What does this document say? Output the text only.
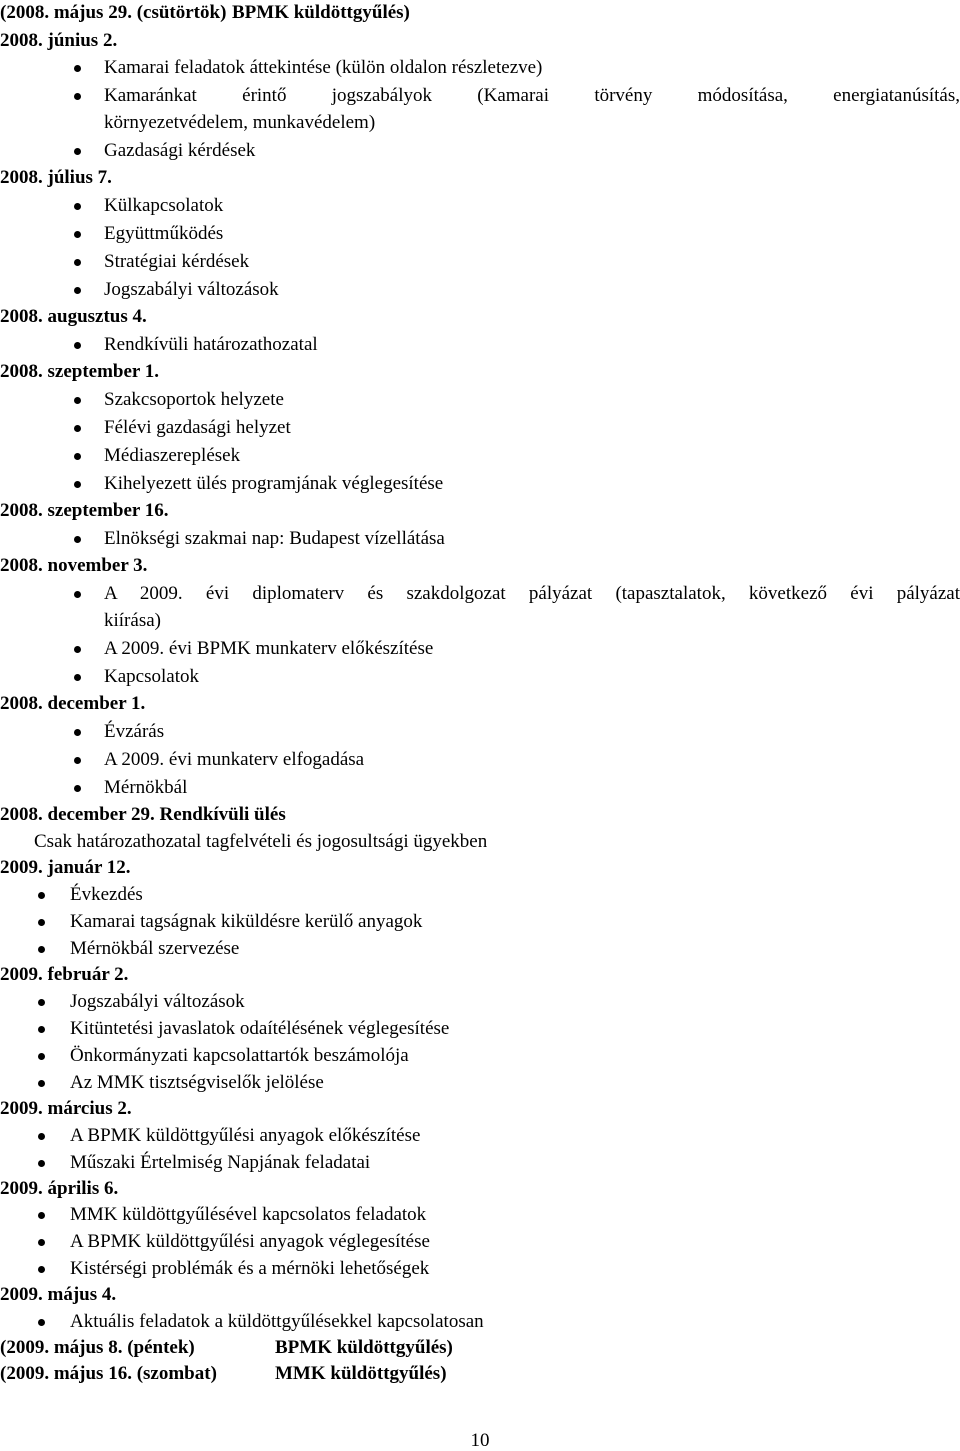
(2008. május 29. (csütörtök) BPMK küldöttgyűlés)
2008. június 2.
Kamarai feladatok áttekintése (külön oldalon részletezve)
Kamaránkat érintő jogszabályok (Kamarai törvény módosítása, energiatanúsítás,
környezetvédelem, munkavédelem)
Gazdasági kérdések
2008. július 7.
Külkapcsolatok
Együttműködés
Stratégiai kérdések
Jogszabályi változások
2008. augusztus 4.
Rendkívüli határozathozatal
2008. szeptember 1.
Szakcsoportok helyzete
Félévi gazdasági helyzet
Médiaszereplések
Kihelyezett ülés programjának véglegesítése
2008. szeptember 16.
Elnökségi szakmai nap: Budapest vízellátása
2008. november 3.
A 2009. évi diplomaterv és szakdolgozat pályázat (tapasztalatok, következő évi pályázat
kiírása)
A 2009. évi BPMK munkaterv előkészítése
Kapcsolatok
2008. december 1.
Évzárás
A 2009. évi munkaterv elfogadása
Mérnökbál
2008. december 29. Rendkívüli ülés
Csak határozathozatal tagfelvételi és jogosultsági ügyekben
2009. január 12.
Évkezdés
Kamarai tagságnak kiküldésre kerülő anyagok
Mérnökbál szervezése
2009. február 2.
Jogszabályi változások
Kitüntetési javaslatok odaítélésének véglegesítése
Önkormányzati kapcsolattartók beszámolója
Az MMK tisztségviselők jelölése
2009. március 2.
A BPMK küldöttgyűlési anyagok előkészítése
Műszaki Értelmiség Napjának feladatai
2009. április 6.
MMK küldöttgyűlésével kapcsolatos feladatok
A BPMK küldöttgyűlési anyagok véglegesítése
Kistérségi problémák és a mérnöki lehetőségek
2009. május 4.
Aktuális feladatok a küldöttgyűlésekkel kapcsolatosan
(2009. május 8. (péntek)	BPMK küldöttgyűlés)
(2009. május 16. (szombat)	MMK küldöttgyűlés)
10
